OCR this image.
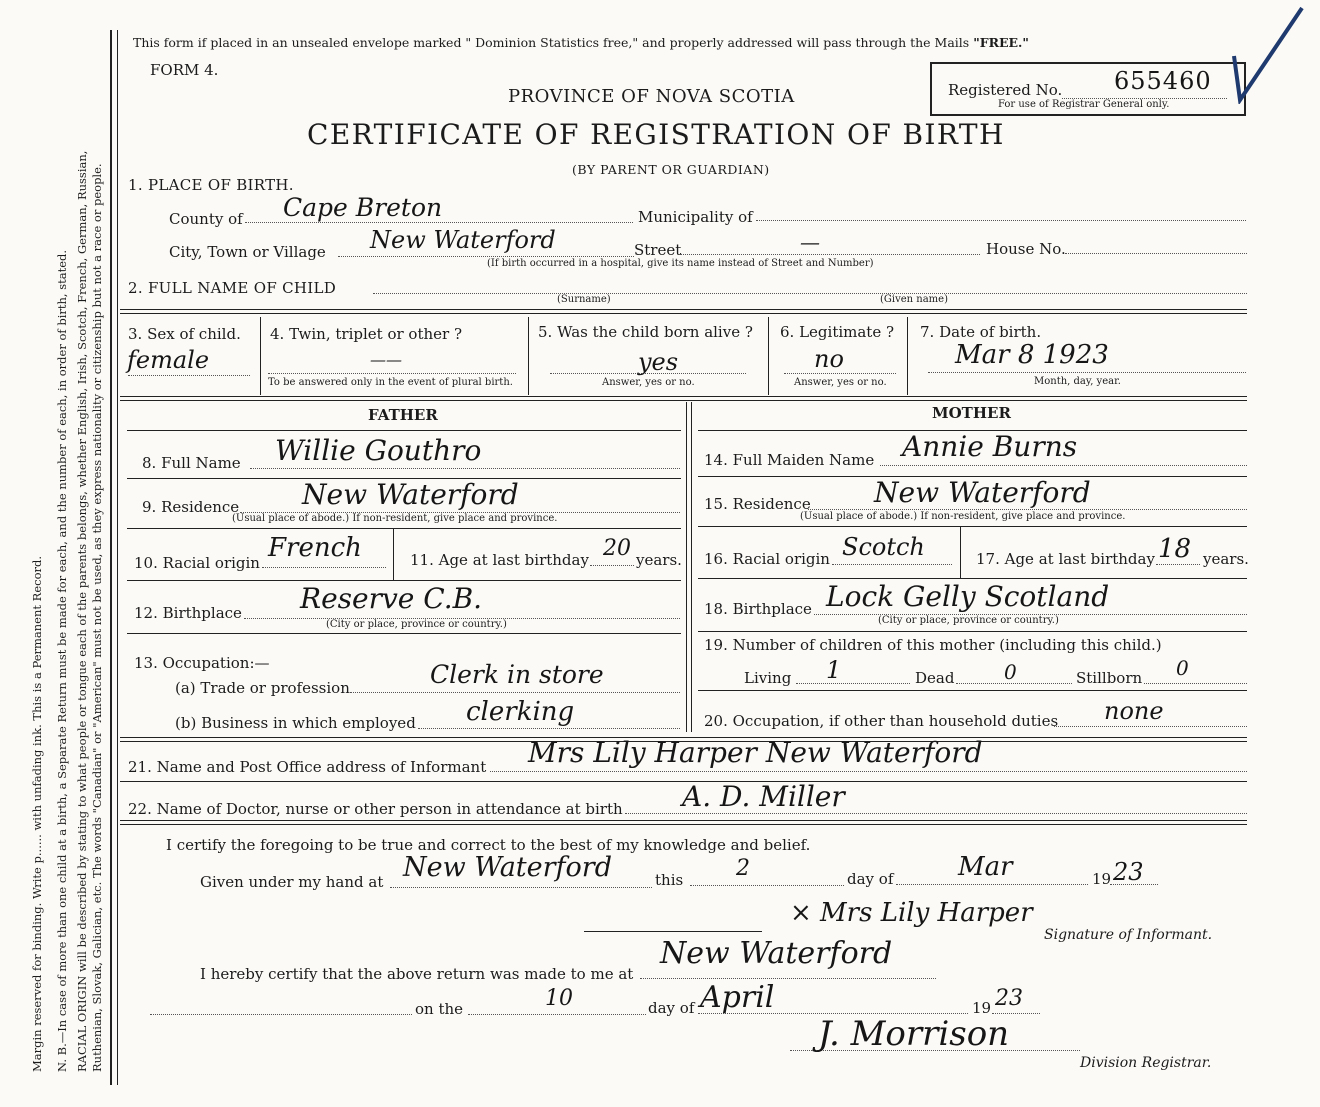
Margin reserved for binding. Write p...... with unfading ink. This is a Permanent Record. N. B.—In case of more than one child at a birth, a Separate Return must be made for each, and the number of each, in order of birth, stated. RACIAL ORIGIN will be described by stating to what people or tongue each of the parents belongs, whether English, Irish, Scotch, French, German, Russian, Ruthenian, Slovak, Galician, etc. The words "Canadian" or "American" must not be used, as they express nationality or citizenship but not a race or people.
This form if placed in an unsealed envelope marked " Dominion Statistics free," and properly addressed will pass through the Mails "FREE."
FORM 4.
PROVINCE OF NOVA SCOTIA
CERTIFICATE OF REGISTRATION OF BIRTH
(BY PARENT OR GUARDIAN)
Registered No. 655460
For use of Registrar General only.
1. PLACE OF BIRTH.
County of Cape Breton	Municipality of
City, Town or Village New Waterford	Street	—	House No.
(If birth occurred in a hospital, give its name instead of Street and Number)
2. FULL NAME OF CHILD
(Surname)	(Given name)
3. Sex of child.
female
4. Twin, triplet or other ?
——
To be answered only in the event of plural birth.
5. Was the child born alive ?
yes
Answer, yes or no.
6. Legitimate ?
no
Answer, yes or no.
7. Date of birth.
Mar 8 1923
Month, day, year.
FATHER	MOTHER
8. Full Name Willie Gouthro	14. Full Maiden Name Annie Burns
9. Residence New Waterford
(Usual place of abode.) If non-resident, give place and province.
15. Residence New Waterford
(Usual place of abode.) If non-resident, give place and province.
10. Racial origin French	11. Age at last birthday 20 years. 16. Racial origin Scotch	17. Age at last birthday 18 years.
12. Birthplace Reserve C.B.
(City or place, province or country.)
18. Birthplace Lock Gelly Scotland
(City or place, province or country.)
13. Occupation:—
(a) Trade or profession	Clerk in store
(b) Business in which employed clerking
19. Number of children of this mother (including this child.)
Living 1	Dead 0	Stillborn 0
20. Occupation, if other than household duties none
21. Name and Post Office address of Informant Mrs Lily Harper New Waterford
22. Name of Doctor, nurse or other person in attendance at birth A. D. Miller
I certify the foregoing to be true and correct to the best of my knowledge and belief.
Given under my hand at New Waterford	this 2	day of Mar	19 23
× Mrs Lily Harper
Signature of Informant.
I hereby certify that the above return was made to me at
New Waterford
on the	10	day of April	19 23
J. Morrison
Division Registrar.
